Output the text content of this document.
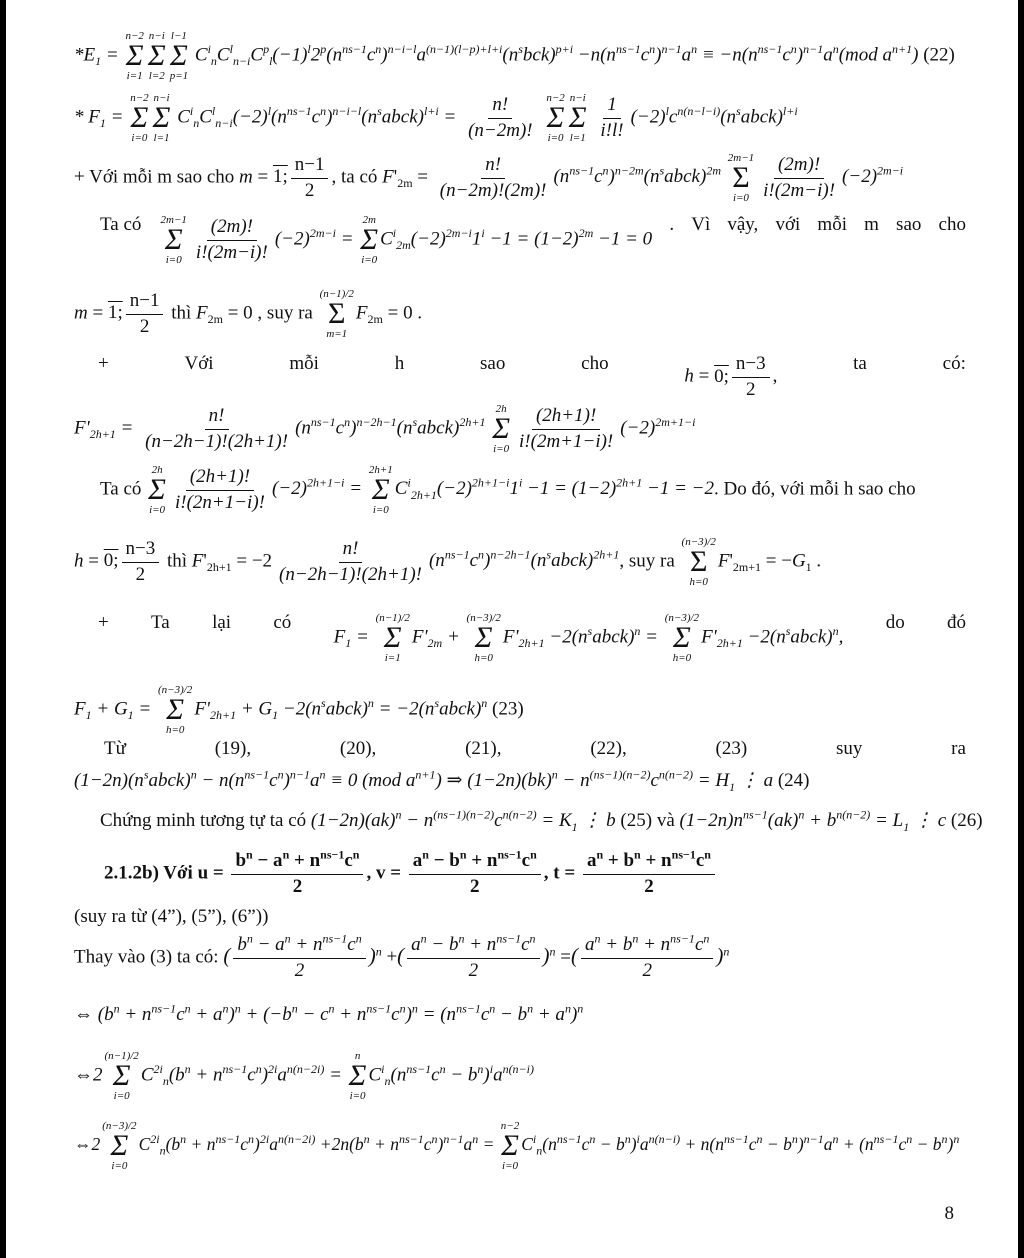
$*E_1$ =
n−2
Σ
i=1
n−i
Σ
l=2
l−1
Σ
p=1
$C^i_nC^l_{n-i}C^p_l(-1)^l2^p(n^{ns-1}c^n)^{n-i-l}a^{(n-1)(l-p)+l+i}(n^sbck)^{p+i} -n(n^{ns-1}c^n)^{n-1}a^n \equiv -n(n^{ns-1}c^n)^{n-1}a^n(mod$ $a^{n+1}$) (22)
* $F_1$ =
n−2
Σ
i=0
n−i
Σ
l=1
$C^i_nC^l_{n-i}(-2)^l(n^{ns-1}c^n)^{n-i-l}(n^sabck)^{l+i} = \frac{n!}{(n-2m)!}$
n−2
Σ
i=0
n−i
Σ
l=1
$\frac{1}{i!l!}$ $(-2)^lc^{n(n-l-i)}(n^sabck)^{l+i}$
+ Với mỗi m sao cho m = 1; $\frac{n-1}{2}$ , ta có $F'_{2m} = \frac{n!}{(n-2m)!(2m)!}$ $(n^{ns-1}c^n)^{n-2m}(n^sabck)^{2m}$
2m−1
Σ
$i=0 \frac{(2m)!}{i!(2m-i)!} (-2)^{2m-i}$
Ta có 2m−1
Σ
$i=0 \frac{(2m)!}{i!(2m-i)!} (-2)^{2m-i}$ =
2m
Σ
i=0
$C^i_{2m}(-2)^{2m-i}1^i -1 = (1-2)^{2m} -1 = 0$
. Vì vậy, với mỗi m sao cho
m = 1; $\frac{n-1}{2}$ thì $F_{2m} = 0$ , suy ra
(n−1)/2
Σ
m=1
$F_{2m} = 0$ .
+	Với	mỗi	h	sao	cho
h = 0; $\frac{n-3}{2}$ ,
ta	có:
$F'_{2h+1} = \frac{n!}{(n-2h-1)!(2h+1)!}$ $(n^{ns-1}c^n)^{n-2h-1}(n^sabck)^{2h+1}$
2h
Σ
$i=0 \frac{(2h+1)!}{i!(2m+1-i)!} (-2)^{2m+1-i}$
Ta có
2h
Σ
$i=0 \frac{(2h+1)!}{i!(2n+1-i)!} (-2)^{2h+1-i}$ =
2h+1
Σ
i=0
$C^i_{2h+1}(-2)^{2h+1-i}1^i -1 = (1-2)^{2h+1} -1 = -2$. Do đó, với mỗi h sao cho
h = 0; $\frac{n-3}{2}$ thì $F'_{2h+1} = -2 \frac{n!}{(n-2h-1)!(2h+1)!}$ $(n^{ns-1}c^n)^{n-2h-1}(n^sabck)^{2h+1}$, suy ra
(n−3)/2
Σ
h=0
$F'_{2m+1} = -G_1$ .
+ Ta lại có
$F_1$ =
(n−1)/2
Σ
i=1
$F'_{2m}$ +
(n−3)/2
Σ
h=0
$F'_{2h+1}$ $-2(n^sabck)^n$ =
(n−3)/2
Σ
h=0
$F'_{2h+1}$ $-2(n^sabck)^n$,
do đó
$F_1 + G_1$ =
(n−3)/2
Σ
h=0
$F'_{2h+1} + G_1$ $-2(n^sabck)^n$ = $-2(n^sabck)^n$ (23)
Từ	(19),	(20),	(21),	(22),	(23)	suy	ra
$(1-2n)(n^sabck)^n - n(n^{ns-1}c^n)^{n-1}a^n \equiv 0$ (mod $a^{n+1}$) ⇒ $(1-2n)(bk)^n - n^{(ns-1)(n-2)}c^{n(n-2)} = H_1$ ⋮ a (24)
Chứng minh tương tự ta có $(1-2n)(ak)^n - n^{(ns-1)(n-2)}c^{n(n-2)} = K_1$ ⋮ b (25) và $(1-2n)n^{ns-1}(ak)^n + b^{n(n-2)} = L_1$ ⋮ c (26)
2.1.2b) Với $u = \frac{b^n - a^n + n^{ns-1}c^n}{2}$ , $v = \frac{a^n - b^n + n^{ns-1}c^n}{2}$ , $t = \frac{a^n + b^n + n^{ns-1}c^n}{2}$
(suy ra từ (4”), (5”), (6”))
Thay vào (3) ta có: ( $\frac{b^n - a^n + n^{ns-1}c^n}{2} )^n$ +( $\frac{a^n - b^n + n^{ns-1}c^n}{2} )^n$ =( $\frac{a^n + b^n + n^{ns-1}c^n}{2} )^n$
⇔ $(b^n + n^{ns-1}c^n + a^n)^n + (-b^n - c^n + n^{ns-1}c^n)^n = (n^{ns-1}c^n - b^n + a^n)^n$
⇔2
(n−1)/2
Σ
i=0
$C^{2i}_n(b^n + n^{ns-1}c^n)^{2i}a^{n(n-2i)}$ =
n
Σ
i=0
$C^i_n(n^{ns-1}c^n - b^n)^ia^{n(n-i)}$
⇔2
(n−3)/2
Σ
i=0
$C^{2i}_n(b^n + n^{ns-1}c^n)^{2i}a^{n(n-2i)} +2n(b^n + n^{ns-1}c^n)^{n-1}a^n$ =
n−2
Σ
i=0
$C^i_n(n^{ns-1}c^n - b^n)^ia^{n(n-i)} + n(n^{ns-1}c^n - b^n)^{n-1}a^n + (n^{ns-1}c^n - b^n)^n$
8
